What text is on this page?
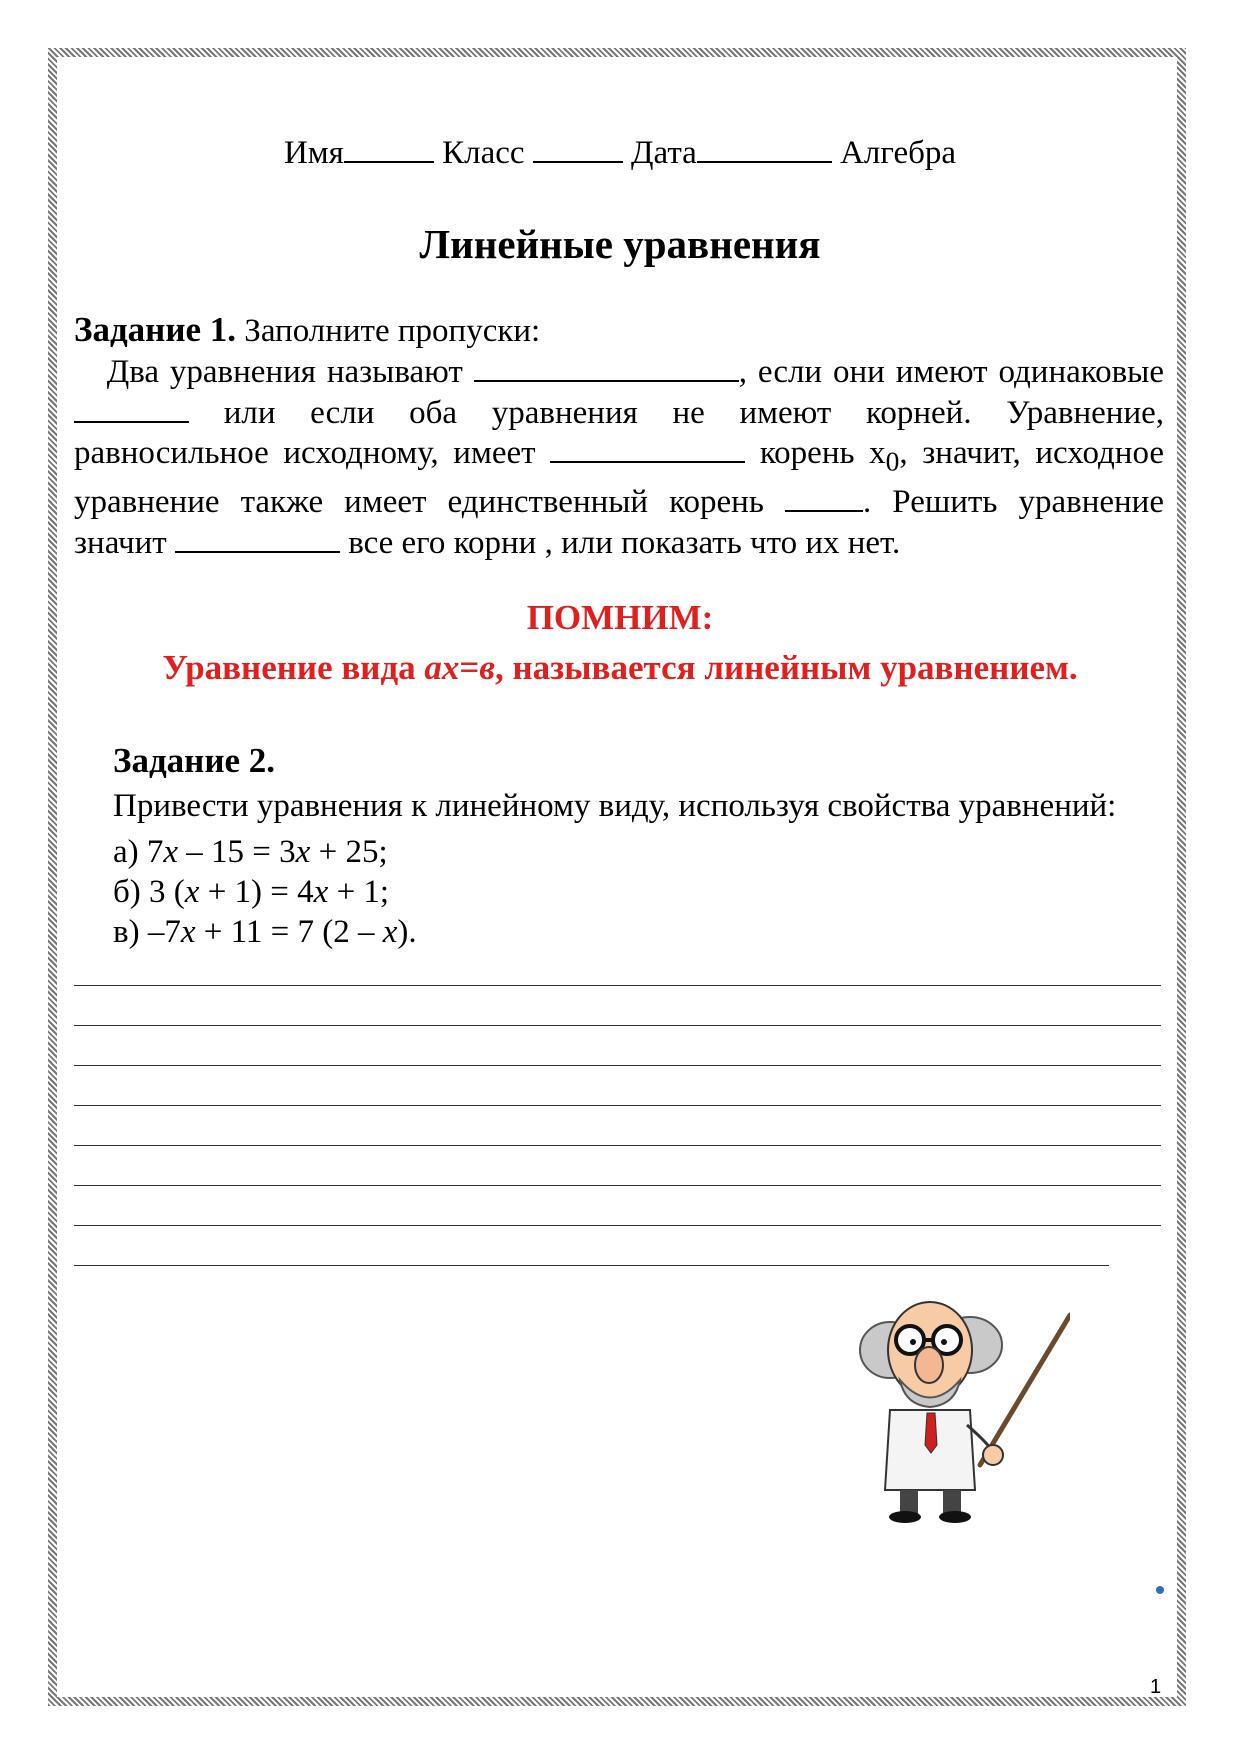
Имя	Класс	Дата	Алгебра
Линейные уравнения
Задание 1. Заполните пропуски:
Два уравнения называют	, если они имеют одинаковые
или если оба уравнения не имеют корней. Уравнение,
равносильное исходному, имеет	корень $x_0$, значит, исходное
уравнение также имеет единственный корень	. Решить уравнение
значит	все его корни , или показать что их нет.
ПОМНИМ:
Уравнение вида ax=в, называется линейным уравнением.
Задание 2.
Привести уравнения к линейному виду, используя свойства уравнений:
а) 7x – 15 = 3x + 25;
б) 3 (x + 1) = 4x + 1;
в) –7x + 11 = 7 (2 – x).
1
